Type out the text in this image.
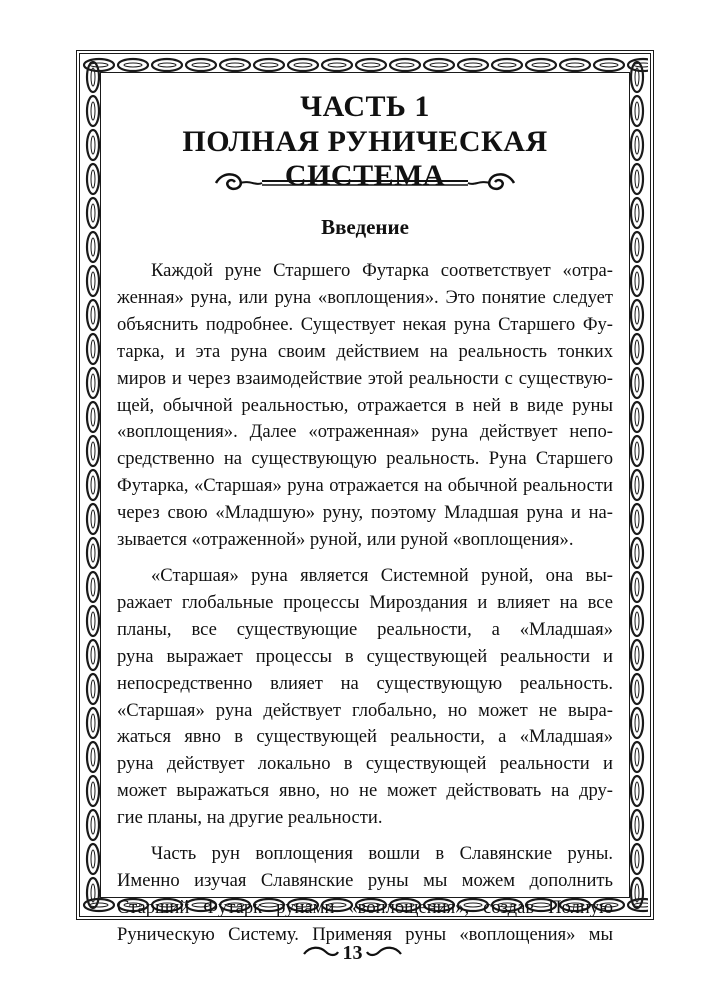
ЧАСТЬ 1
ПОЛНАЯ РУНИЧЕСКАЯ СИСТЕМА
Введение
Каждой руне Старшего Футарка соответствует «отра-
женная» руна, или руна «воплощения». Это понятие следует
объяснить подробнее. Существует некая руна Старшего Фу-
тарка, и эта руна своим действием на реальность тонких
миров и через взаимодействие этой реальности с существую-
щей, обычной реальностью, отражается в ней в виде руны
«воплощения». Далее «отраженная» руна действует непо-
средственно на существующую реальность. Руна Старшего
Футарка, «Старшая» руна отражается на обычной реальности
через свою «Младшую» руну, поэтому Младшая руна и на-
зывается «отраженной» руной, или руной «воплощения».
«Старшая» руна является Системной руной, она вы-
ражает глобальные процессы Мироздания и влияет на все
планы, все существующие реальности, а «Младшая»
руна выражает процессы в существующей реальности и
непосредственно влияет на существующую реальность.
«Старшая» руна действует глобально, но может не выра-
жаться явно в существующей реальности, а «Младшая»
руна действует локально в существующей реальности и
может выражаться явно, но не может действовать на дру-
гие планы, на другие реальности.
Часть рун воплощения вошли в Славянские руны.
Именно изучая Славянские руны мы можем дополнить
Старший Футарк рунами «воплощения», создав Полную
Руническую Систему. Применяя руны «воплощения» мы
13
